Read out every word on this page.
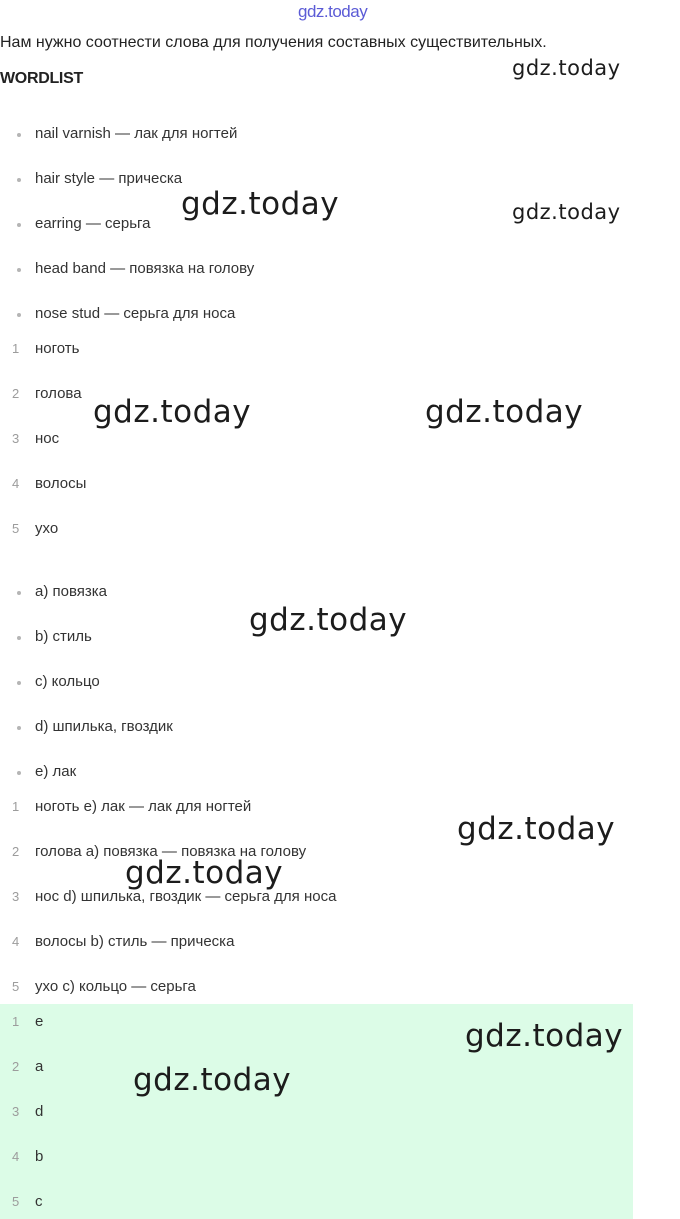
gdz.today
Нам нужно соотнести слова для получения составных существительных.
WORDLIST
nail varnish — лак для ногтей
hair style — прическа
earring — серьга
head band — повязка на голову
nose stud — серьга для носа
1 ноготь
2 голова
3 нос
4 волосы
5 ухо
a) повязка
b) стиль
c) кольцо
d) шпилька, гвоздик
e) лак
1 ноготь e) лак — лак для ногтей
2 голова a) повязка — повязка на голову
3 нос d) шпилька, гвоздик — серьга для носа
4 волосы b) стиль — прическа
5 ухо c) кольцо — серьга
1 e
2 a
3 d
4 b
5 c
gdz.today
gdz.today	gdz.today
gdz.today	gdz.today
gdz.today
gdz.today
gdz.today
gdz.today
gdz.today
